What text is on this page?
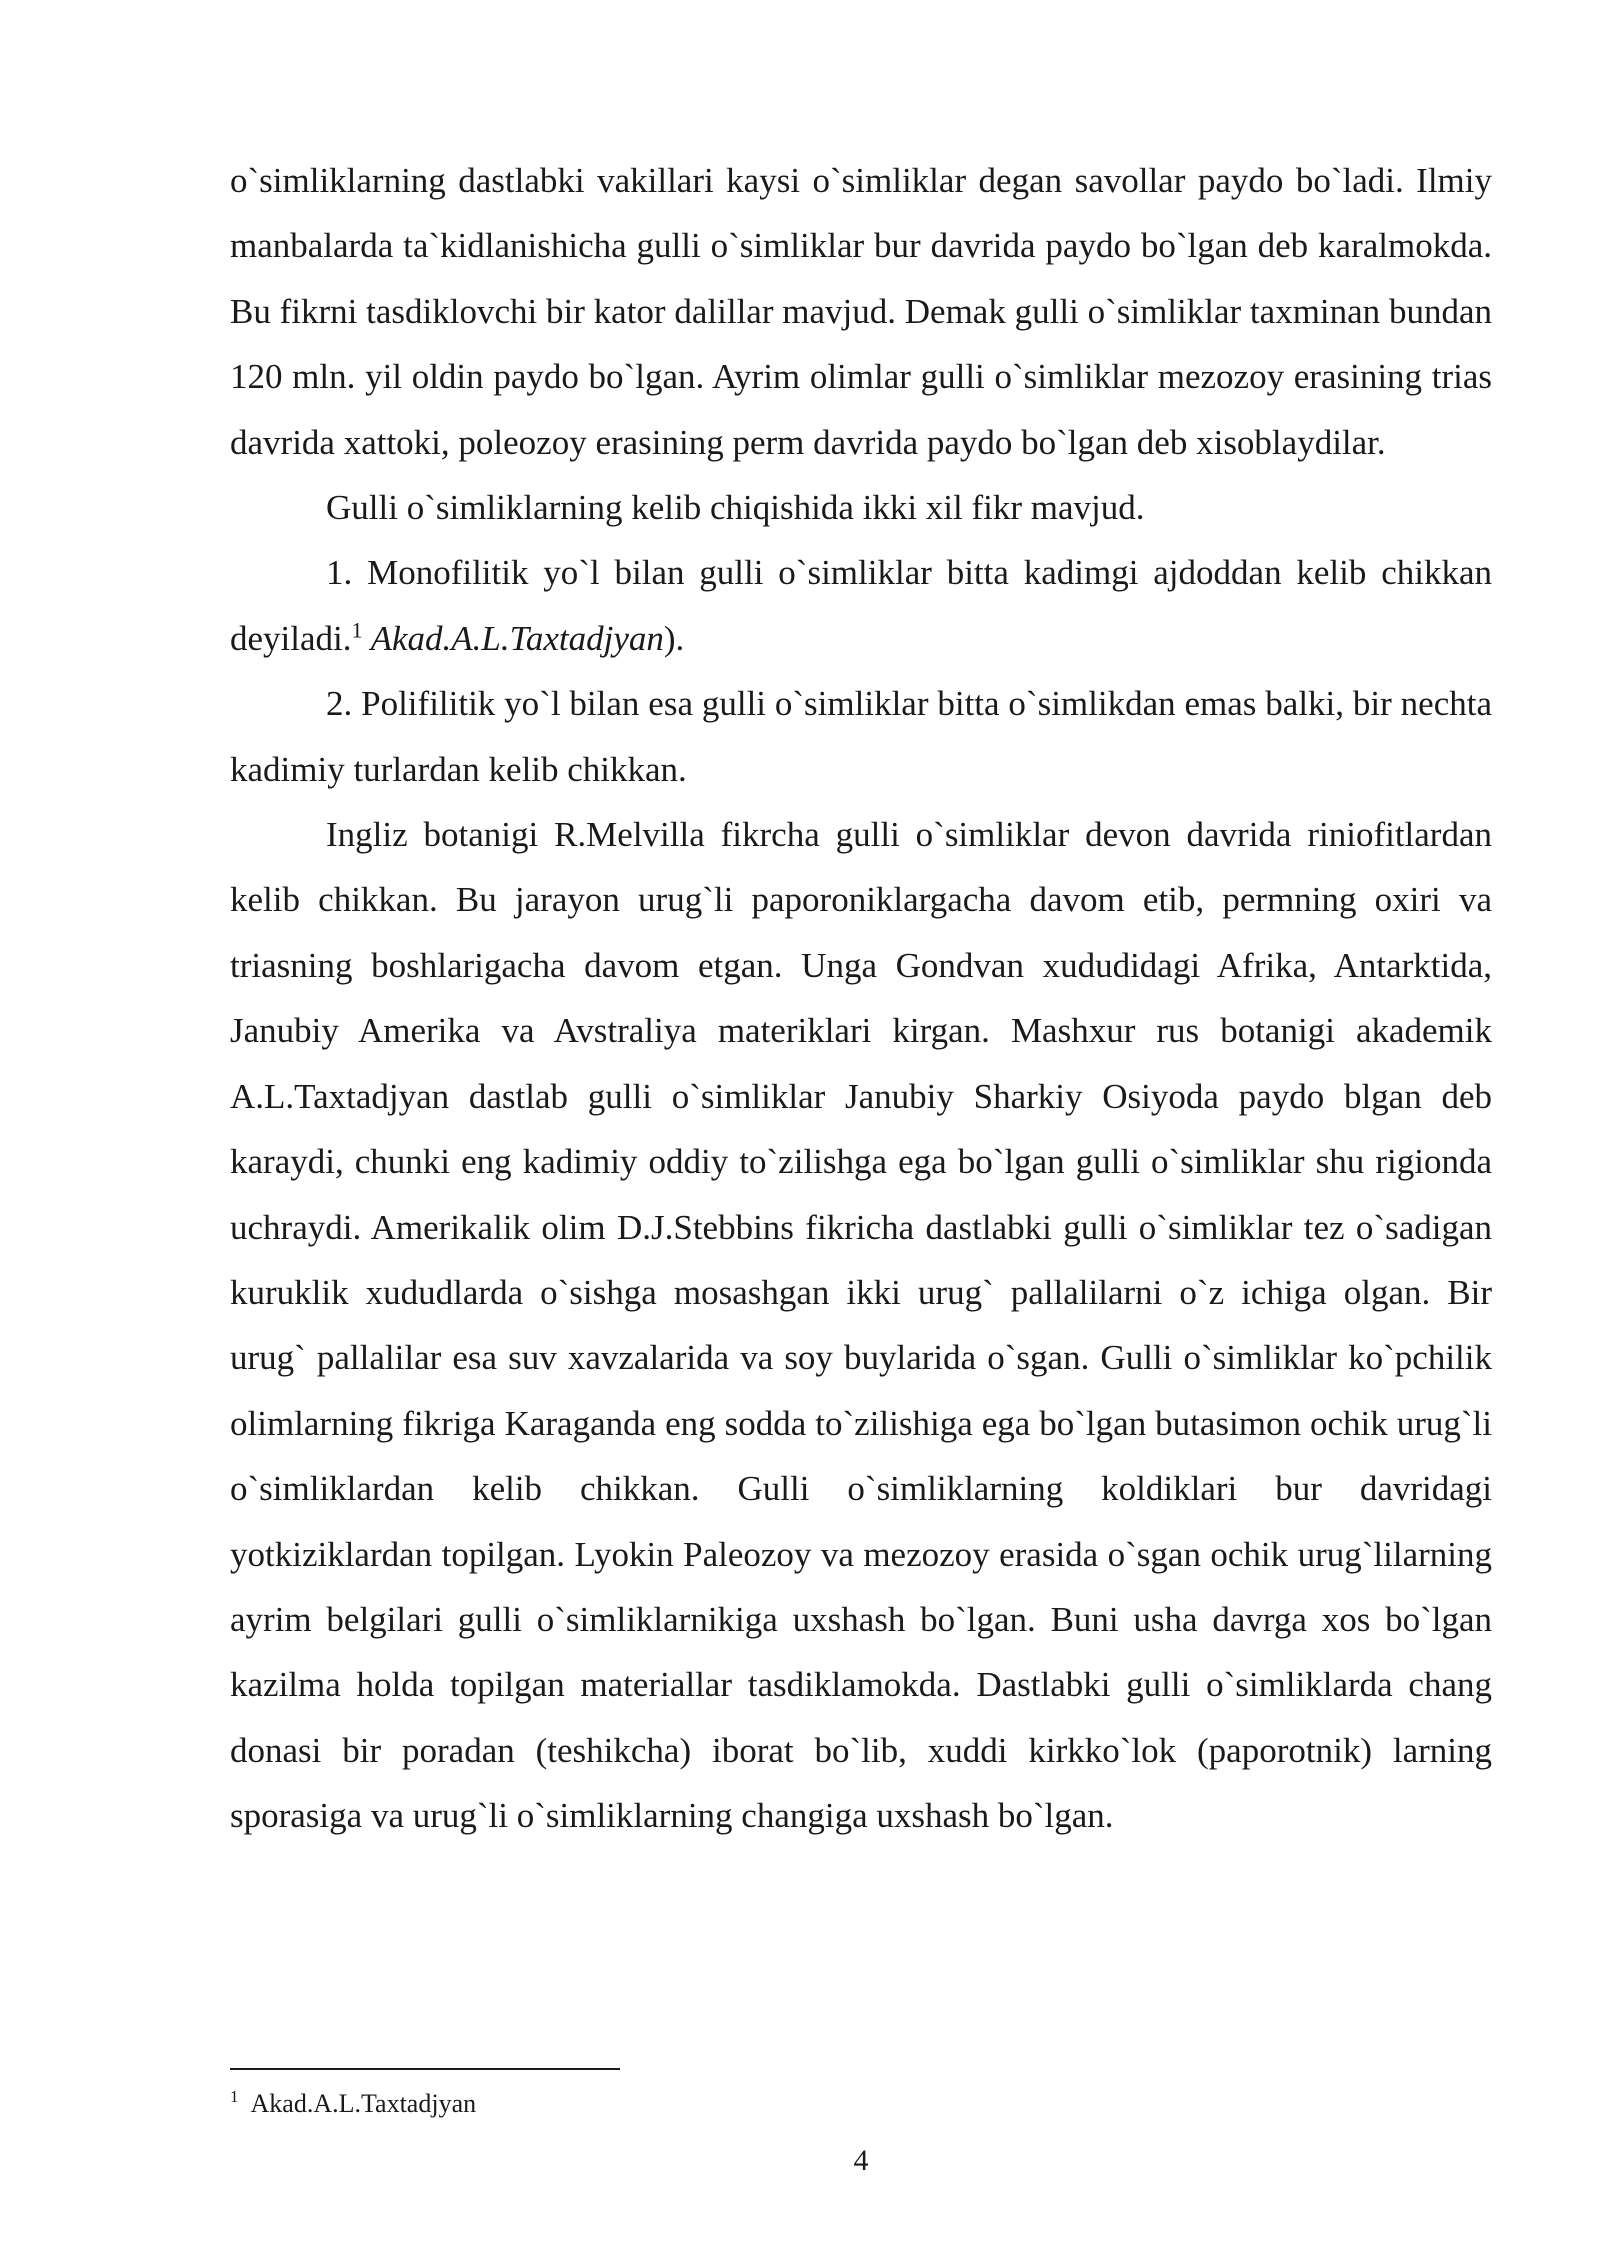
o`simliklarning dastlabki vakillari kaysi o`simliklar degan savollar paydo bo`ladi. Ilmiy manbalarda ta`kidlanishicha gulli o`simliklar bur davrida paydo bo`lgan deb karalmokda. Bu fikrni tasdiklovchi bir kator dalillar mavjud. Demak gulli o`simliklar taxminan bundan 120 mln. yil oldin paydo bo`lgan. Ayrim olimlar gulli o`simliklar mezozoy erasining trias davrida xattoki, poleozoy erasining perm davrida paydo bo`lgan deb xisoblaydilar.

Gulli o`simliklarning kelib chiqishida ikki xil fikr mavjud.

1. Monofilitik yo`l bilan gulli o`simliklar bitta kadimgi ajdoddan kelib chikkan deyiladi.$^1$ Akad.A.L.Taxtadjyan).

2. Polifilitik yo`l bilan esa gulli o`simliklar bitta o`simlikdan emas balki, bir nechta kadimiy turlardan kelib chikkan.

Ingliz botanigi R.Melvilla fikrcha gulli o`simliklar devon davrida riniofitlardan kelib chikkan. Bu jarayon urug`li paporoniklargacha davom etib, permning oxiri va triasning boshlarigacha davom etgan. Unga Gondvan xududidagi Afrika, Antarktida, Janubiy Amerika va Avstraliya materiklari kirgan. Mashxur rus botanigi akademik A.L.Taxtadjyan dastlab gulli o`simliklar Janubiy Sharkiy Osiyoda paydo blgan deb karaydi, chunki eng kadimiy oddiy to`zilishga ega bo`lgan gulli o`simliklar shu rigionda uchraydi. Amerikalik olim D.J.Stebbins fikricha dastlabki gulli o`simliklar tez o`sadigan kuruklik xududlarda o`sishga mosashgan ikki urug` pallalilarni o`z ichiga olgan. Bir urug` pallalilar esa suv xavzalarida va soy buylarida o`sgan. Gulli o`simliklar ko`pchilik olimlarning fikriga Karaganda eng sodda to`zilishiga ega bo`lgan butasimon ochik urug`li o`simliklardan kelib chikkan. Gulli o`simliklarning koldiklari bur davridagi yotkiziklardan topilgan. Lyokin Paleozoy va mezozoy erasida o`sgan ochik urug`lilarning ayrim belgilari gulli o`simliklarnikiga uxshash bo`lgan. Buni usha davrga xos bo`lgan kazilma holda topilgan materiallar tasdiklamokda. Dastlabki gulli o`simliklarda chang donasi bir poradan (teshikcha) iborat bo`lib, xuddi kirkko`lok (paporotnik) larning sporasiga va urug`li o`simliklarning changiga uxshash bo`lgan.

$^1$ Akad.A.L.Taxtadjyan
4
